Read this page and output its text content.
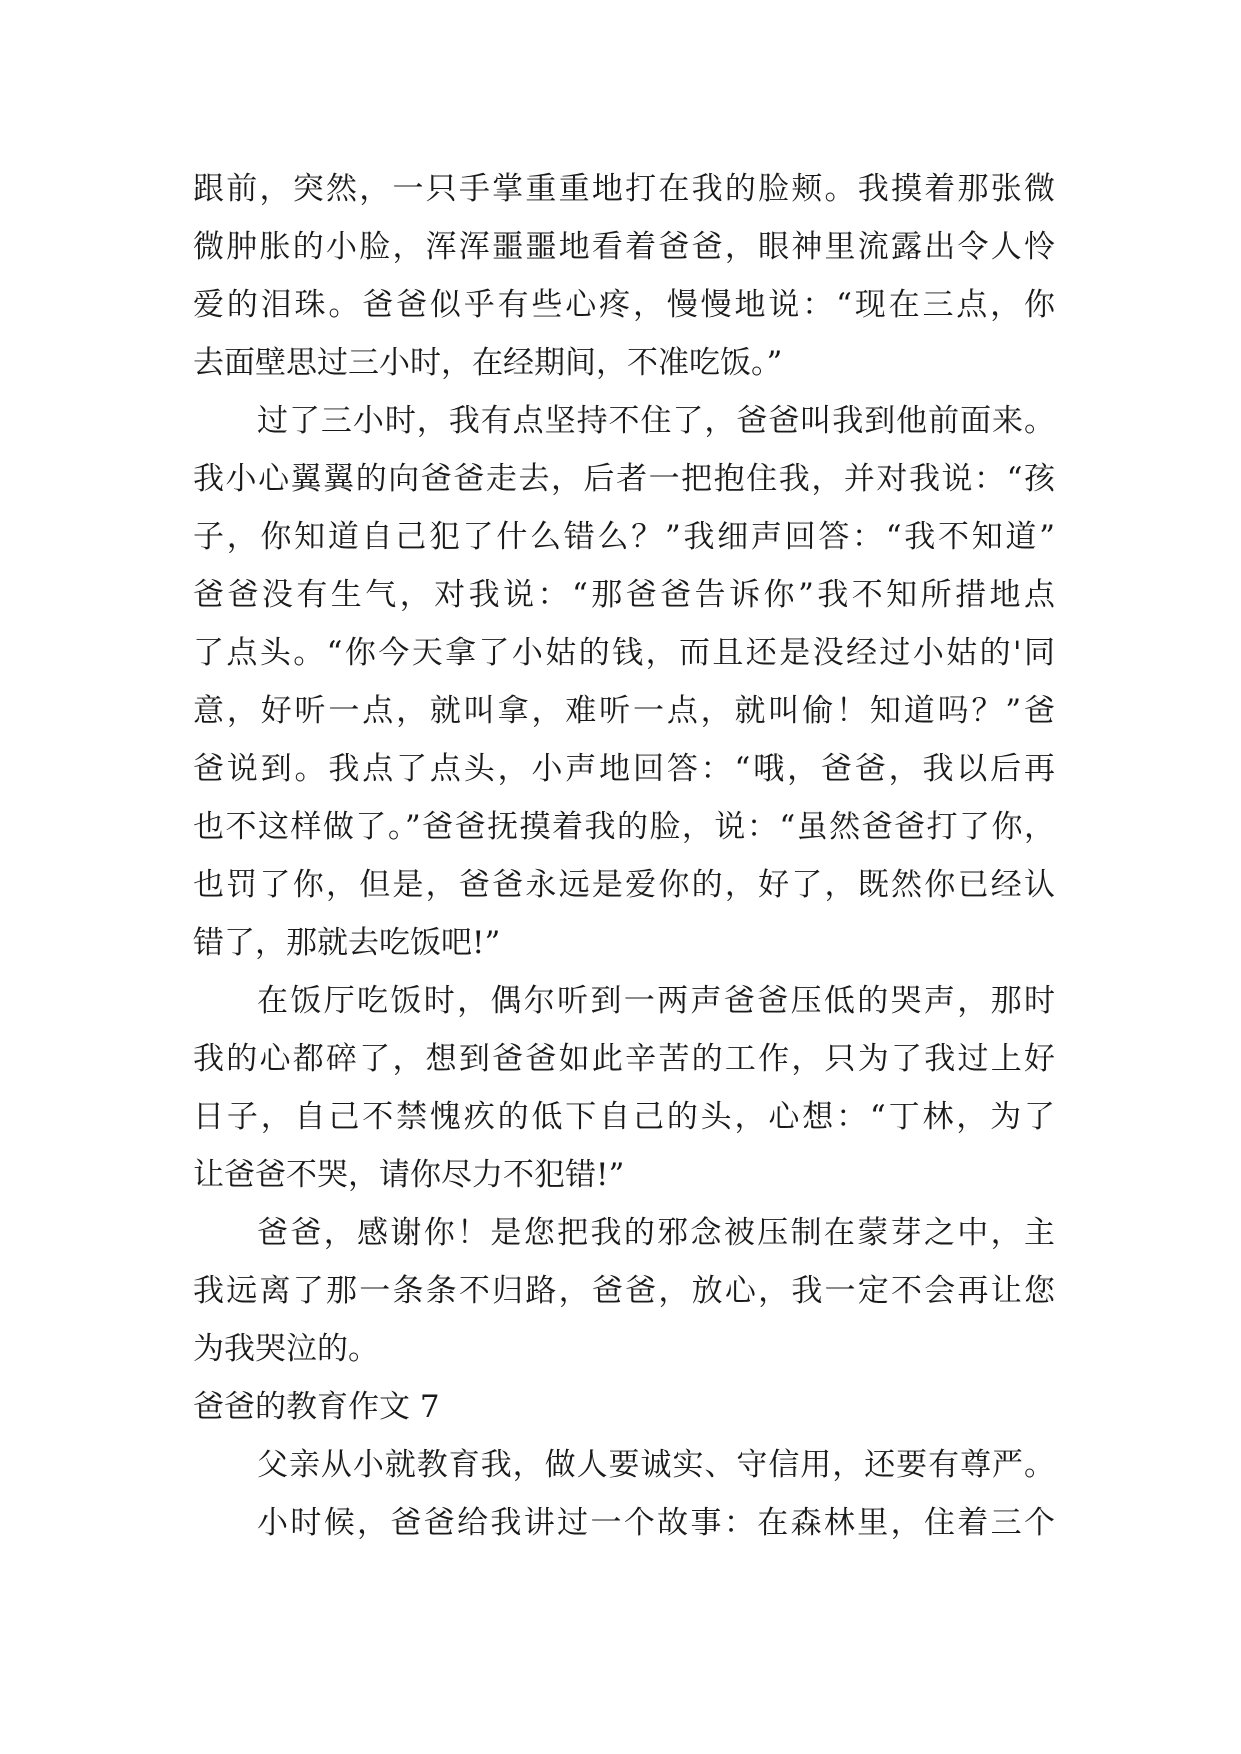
跟前，突然，一只手掌重重地打在我的脸颊。我摸着那张微
微肿胀的小脸，浑浑噩噩地看着爸爸，眼神里流露出令人怜
爱的泪珠。爸爸似乎有些心疼，慢慢地说：“现在三点，你
去面壁思过三小时，在经期间，不准吃饭。”
过了三小时，我有点坚持不住了，爸爸叫我到他前面来。
我小心翼翼的向爸爸走去，后者一把抱住我，并对我说：“孩
子，你知道自己犯了什么错么？”我细声回答：“我不知道”
爸爸没有生气，对我说：“那爸爸告诉你”我不知所措地点
了点头。“你今天拿了小姑的钱，而且还是没经过小姑的'同
意，好听一点，就叫拿，难听一点，就叫偷！知道吗？”爸
爸说到。我点了点头，小声地回答：“哦，爸爸，我以后再
也不这样做了。”爸爸抚摸着我的脸，说：“虽然爸爸打了你，
也罚了你，但是，爸爸永远是爱你的，好了，既然你已经认
错了，那就去吃饭吧!”
在饭厅吃饭时，偶尔听到一两声爸爸压低的哭声，那时
我的心都碎了，想到爸爸如此辛苦的工作，只为了我过上好
日子，自己不禁愧疚的低下自己的头，心想：“丁林，为了
让爸爸不哭，请你尽力不犯错!”
爸爸，感谢你！是您把我的邪念被压制在蒙芽之中，主
我远离了那一条条不归路，爸爸，放心，我一定不会再让您
为我哭泣的。
爸爸的教育作文 7
父亲从小就教育我，做人要诚实、守信用，还要有尊严。
小时候，爸爸给我讲过一个故事：在森林里，住着三个
